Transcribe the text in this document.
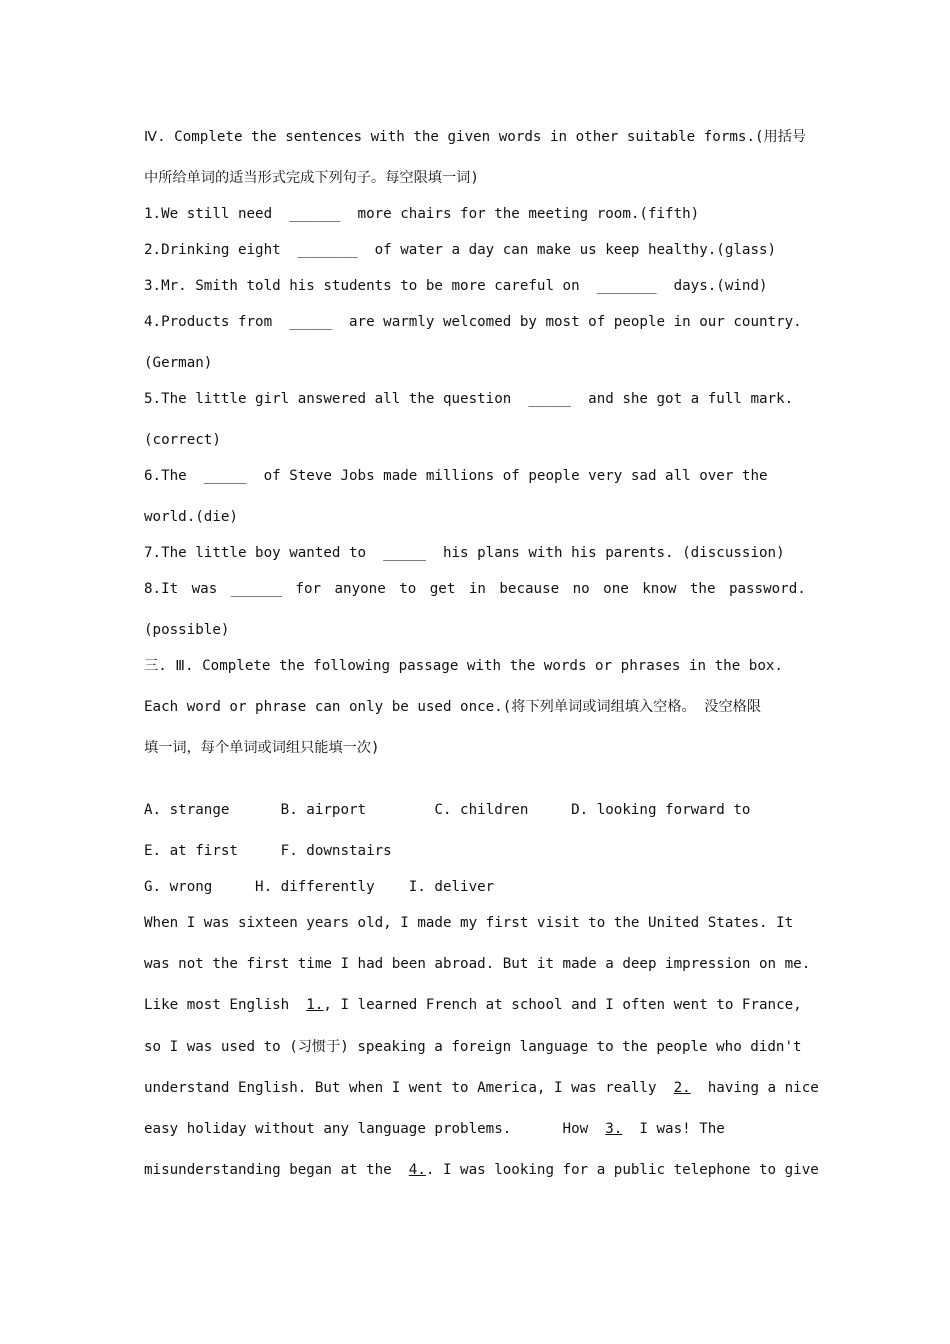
Ⅳ. Complete the sentences with the given words in other suitable forms.(用括号
中所给单词的适当形式完成下列句子。每空限填一词)
1.We still need  ______  more chairs for the meeting room.(fifth)
2.Drinking eight  _______  of water a day can make us keep healthy.(glass)
3.Mr. Smith told his students to be more careful on  _______  days.(wind)
4.Products from  _____  are warmly welcomed by most of people in our country.
(German)
5.The little girl answered all the question  _____  and she got a full mark.
(correct)
6.The  _____  of Steve Jobs made millions of people very sad all over the
world.(die)
7.The little boy wanted to  _____  his plans with his parents. (discussion)
8.It was ______ for anyone to get in because no one know the password.
(possible)
三. Ⅲ. Complete the following passage with the words or phrases in the box.
Each word or phrase can only be used once.(将下列单词或词组填入空格。 没空格限
填一词，每个单词或词组只能填一次)
A. strange      B. airport        C. children     D. looking forward to
E. at first     F. downstairs
G. wrong     H. differently    I. deliver
When I was sixteen years old, I made my first visit to the United States. It
was not the first time I had been abroad. But it made a deep impression on me.
Like most English  1., I learned French at school and I often went to France,
so I was used to (习惯于) speaking a foreign language to the people who didn't
understand English. But when I went to America, I was really  2.  having a nice
easy holiday without any language problems.      How  3.  I was! The
misunderstanding began at the  4.. I was looking for a public telephone to give
